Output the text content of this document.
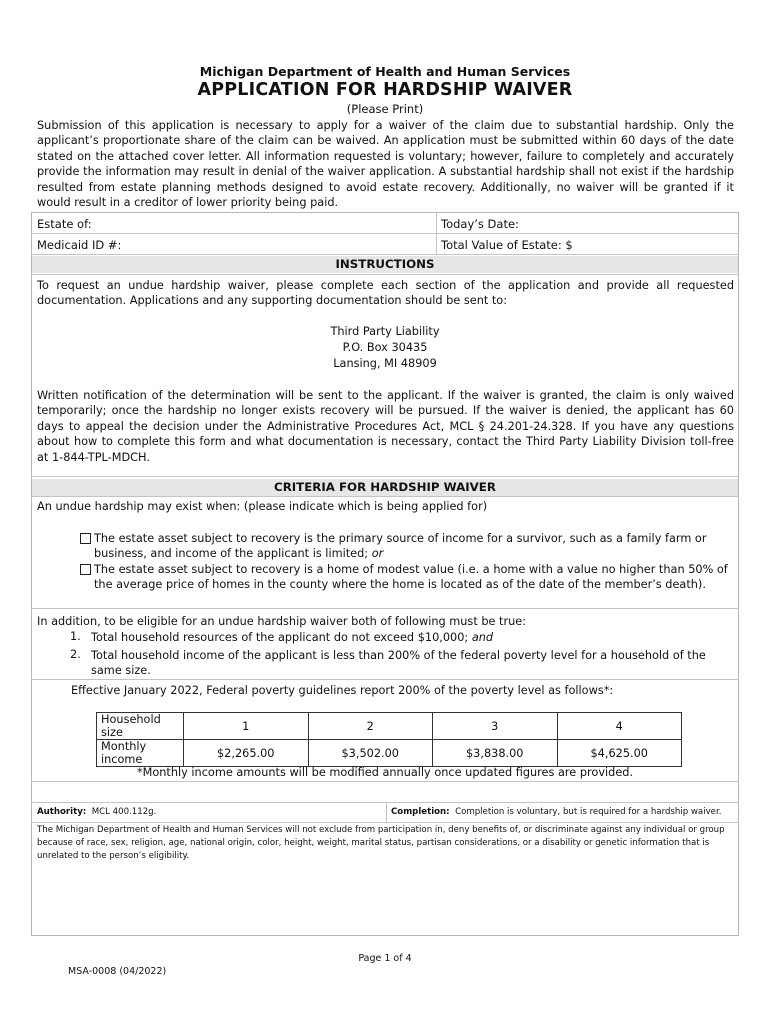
Michigan Department of Health and Human Services
APPLICATION FOR HARDSHIP WAIVER
(Please Print)
Submission of this application is necessary to apply for a waiver of the claim due to substantial hardship. Only the applicant’s proportionate share of the claim can be waived. An application must be submitted within 60 days of the date stated on the attached cover letter. All information requested is voluntary; however, failure to completely and accurately provide the information may result in denial of the waiver application. A substantial hardship shall not exist if the hardship resulted from estate planning methods designed to avoid estate recovery. Additionally, no waiver will be granted if it would result in a creditor of lower priority being paid.
Estate of:	Today’s Date:
Medicaid ID #:	Total Value of Estate: $
INSTRUCTIONS
To request an undue hardship waiver, please complete each section of the application and provide all requested documentation. Applications and any supporting documentation should be sent to:
Third Party Liability
P.O. Box 30435
Lansing, MI 48909
Written notification of the determination will be sent to the applicant. If the waiver is granted, the claim is only waived temporarily; once the hardship no longer exists recovery will be pursued. If the waiver is denied, the applicant has 60 days to appeal the decision under the Administrative Procedures Act, MCL § 24.201-24.328. If you have any questions about how to complete this form and what documentation is necessary, contact the Third Party Liability Division toll-free at 1-844-TPL-MDCH.
CRITERIA FOR HARDSHIP WAIVER
An undue hardship may exist when: (please indicate which is being applied for)
The estate asset subject to recovery is the primary source of income for a survivor, such as a family farm or business, and income of the applicant is limited; or
The estate asset subject to recovery is a home of modest value (i.e. a home with a value no higher than 50% of the average price of homes in the county where the home is located as of the date of the member’s death).
In addition, to be eligible for an undue hardship waiver both of following must be true:
1. Total household resources of the applicant do not exceed $10,000; and
2. Total household income of the applicant is less than 200% of the federal poverty level for a household of the same size.
Effective January 2022, Federal poverty guidelines report 200% of the poverty level as follows*:
Household size	1	2	3	4
Monthly income	$2,265.00	$3,502.00	$3,838.00	$4,625.00
*Monthly income amounts will be modified annually once updated figures are provided.
Authority: MCL 400.112g.	Completion: Completion is voluntary, but is required for a hardship waiver.
The Michigan Department of Health and Human Services will not exclude from participation in, deny benefits of, or discriminate against any individual or group because of race, sex, religion, age, national origin, color, height, weight, marital status, partisan considerations, or a disability or genetic information that is unrelated to the person’s eligibility.
Page 1 of 4
MSA-0008 (04/2022)
